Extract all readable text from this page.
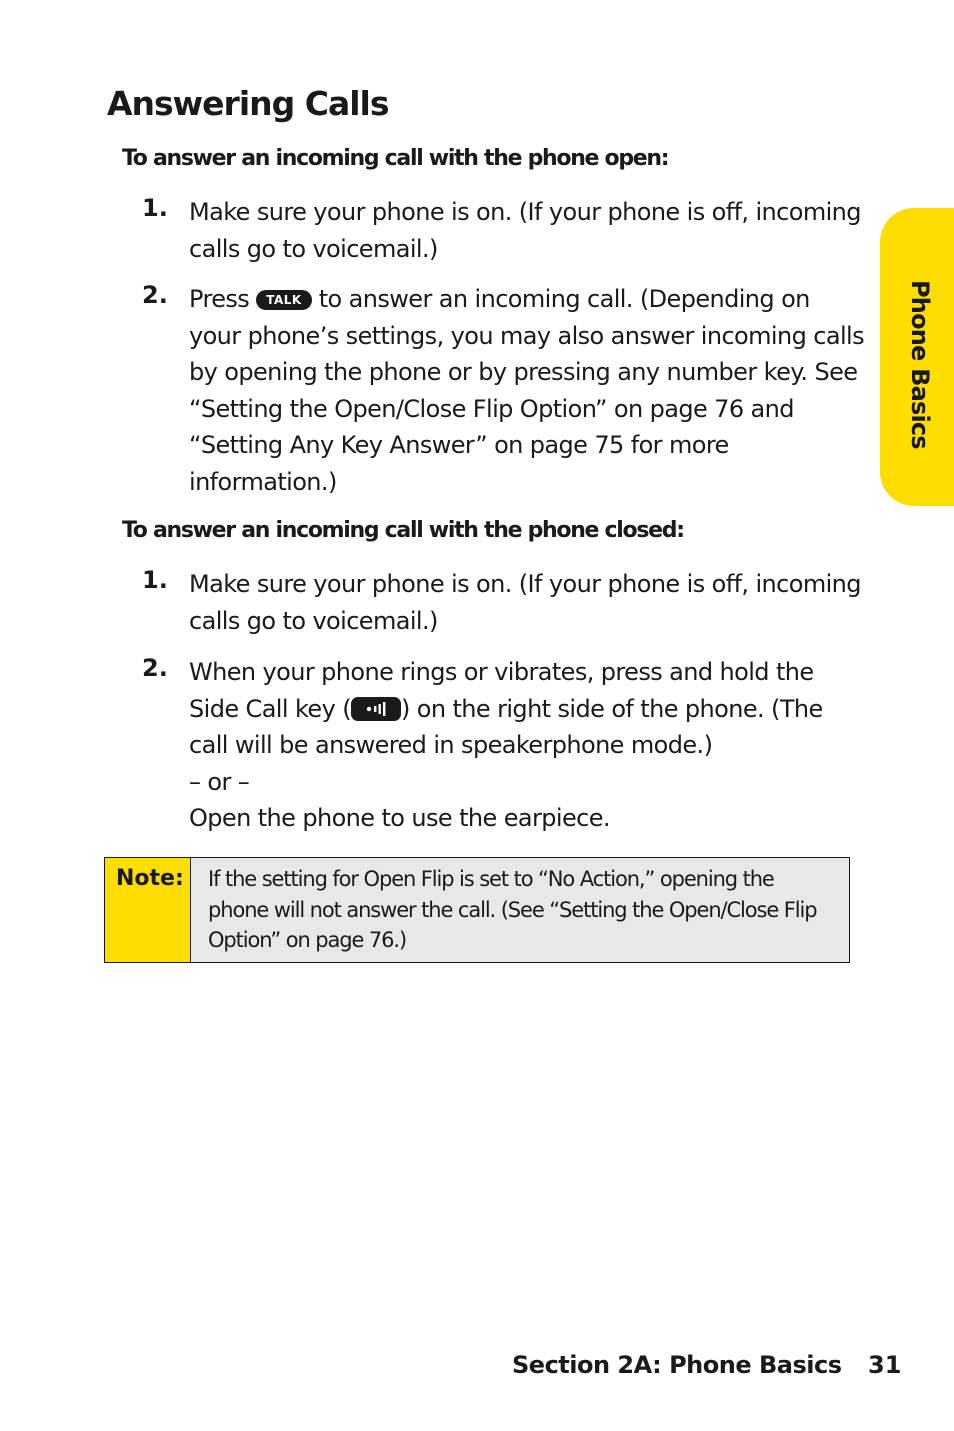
Answering Calls
To answer an incoming call with the phone open:
1. Make sure your phone is on. (If your phone is off, incoming calls go to voicemail.)
2. Press TALK to answer an incoming call. (Depending on your phone’s settings, you may also answer incoming calls by opening the phone or by pressing any number key. See “Setting the Open/Close Flip Option” on page 76 and “Setting Any Key Answer” on page 75 for more information.)
To answer an incoming call with the phone closed:
1. Make sure your phone is on. (If your phone is off, incoming calls go to voicemail.)
2. When your phone rings or vibrates, press and hold the Side Call key ( ) on the right side of the phone. (The call will be answered in speakerphone mode.)
– or –
Open the phone to use the earpiece.
Note: If the setting for Open Flip is set to “No Action,” opening the phone will not answer the call. (See “Setting the Open/Close Flip Option” on page 76.)
Phone Basics
Section 2A: Phone Basics 31
